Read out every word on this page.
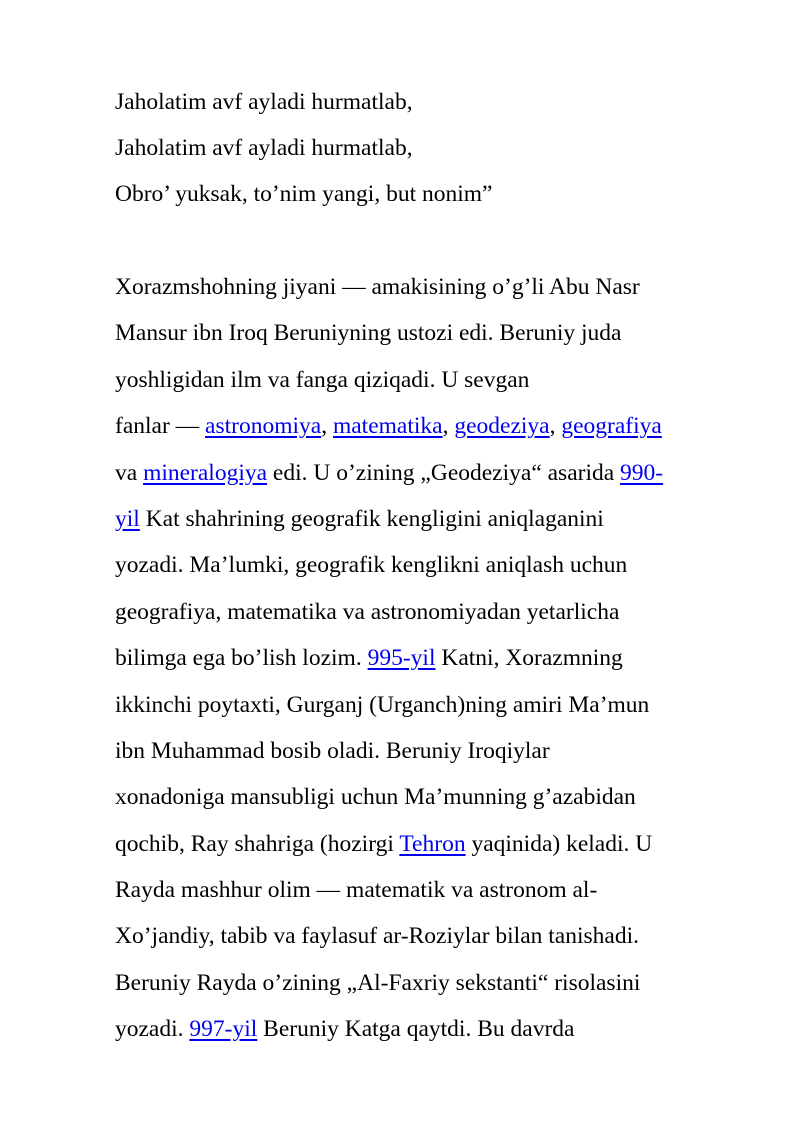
Jaholatim avf ayladi hurmatlab,
Jaholatim avf ayladi hurmatlab,
Obro’ yuksak, to’nim yangi, but nonim”
Xorazmshohning jiyani — amakisining o’g’li Abu Nasr
Mansur ibn Iroq Beruniyning ustozi edi. Beruniy juda
yoshligidan ilm va fanga qiziqadi. U sevgan
fanlar — astronomiya, matematika, geodeziya, geografiya
va mineralogiya edi. U o’zining „Geodeziya“ asarida 990-
yil Kat shahrining geografik kengligini aniqlaganini
yozadi. Ma’lumki, geografik kenglikni aniqlash uchun
geografiya, matematika va astronomiyadan yetarlicha
bilimga ega bo’lish lozim. 995-yil Katni, Xorazmning
ikkinchi poytaxti, Gurganj (Urganch)ning amiri Ma’mun
ibn Muhammad bosib oladi. Beruniy Iroqiylar
xonadoniga mansubligi uchun Ma’munning g’azabidan
qochib, Ray shahriga (hozirgi Tehron yaqinida) keladi. U
Rayda mashhur olim — matematik va astronom al-
Xo’jandiy, tabib va faylasuf ar-Roziylar bilan tanishadi.
Beruniy Rayda o’zining „Al-Faxriy sekstanti“ risolasini
yozadi. 997-yil Beruniy Katga qaytdi. Bu davrda
